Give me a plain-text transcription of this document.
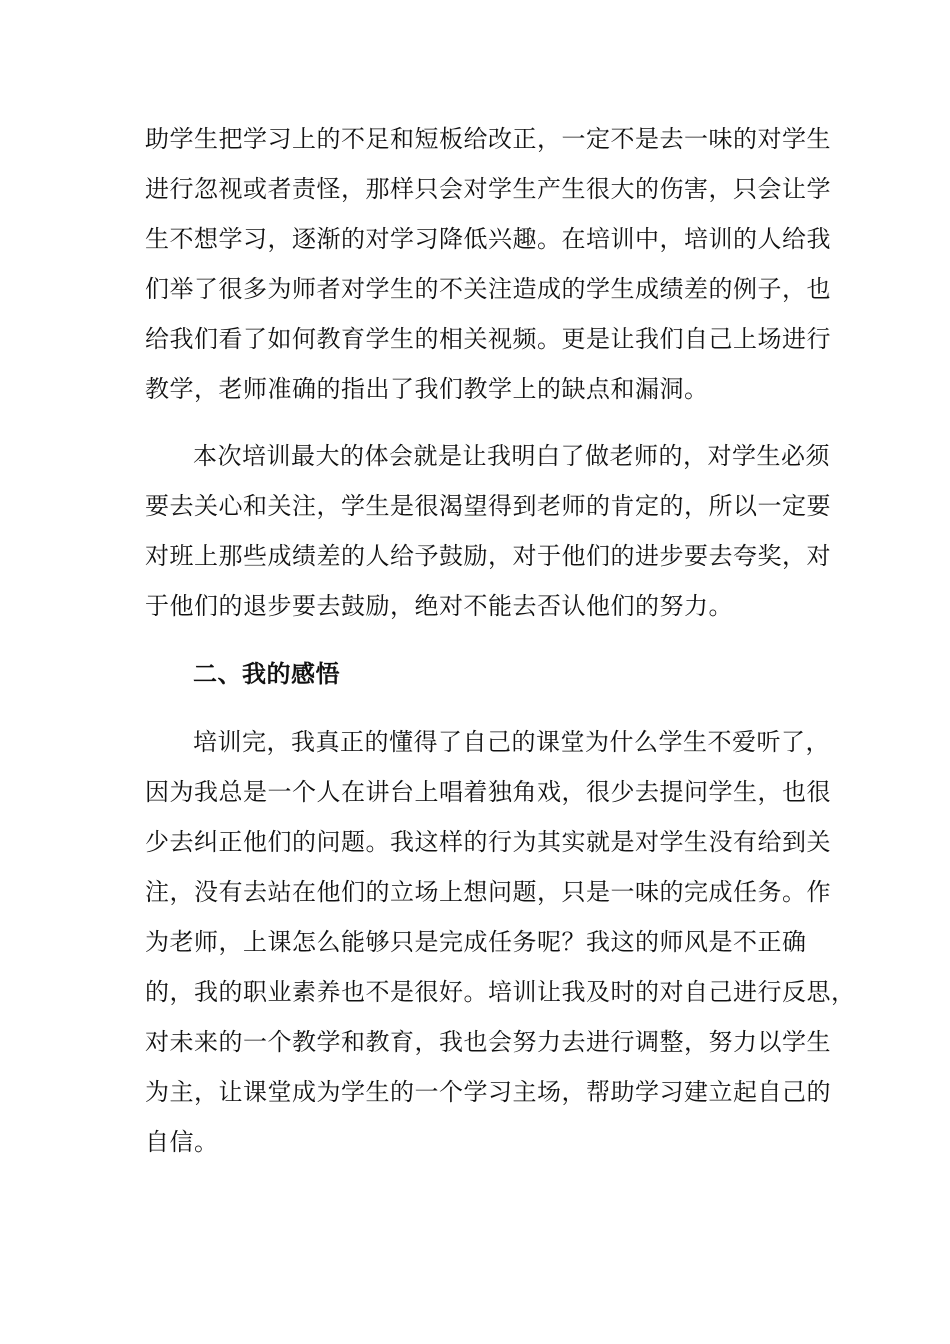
助学生把学习上的不足和短板给改正，一定不是去一味的对学生
进行忽视或者责怪，那样只会对学生产生很大的伤害，只会让学
生不想学习，逐渐的对学习降低兴趣。在培训中，培训的人给我
们举了很多为师者对学生的不关注造成的学生成绩差的例子，也
给我们看了如何教育学生的相关视频。更是让我们自己上场进行
教学，老师准确的指出了我们教学上的缺点和漏洞。
本次培训最大的体会就是让我明白了做老师的，对学生必须
要去关心和关注，学生是很渴望得到老师的肯定的，所以一定要
对班上那些成绩差的人给予鼓励，对于他们的进步要去夸奖，对
于他们的退步要去鼓励，绝对不能去否认他们的努力。
二、我的感悟
培训完，我真正的懂得了自己的课堂为什么学生不爱听了，
因为我总是一个人在讲台上唱着独角戏，很少去提问学生，也很
少去纠正他们的问题。我这样的行为其实就是对学生没有给到关
注，没有去站在他们的立场上想问题，只是一味的完成任务。作
为老师，上课怎么能够只是完成任务呢？我这的师风是不正确
的，我的职业素养也不是很好。培训让我及时的对自己进行反思，
对未来的一个教学和教育，我也会努力去进行调整，努力以学生
为主，让课堂成为学生的一个学习主场，帮助学习建立起自己的
自信。
